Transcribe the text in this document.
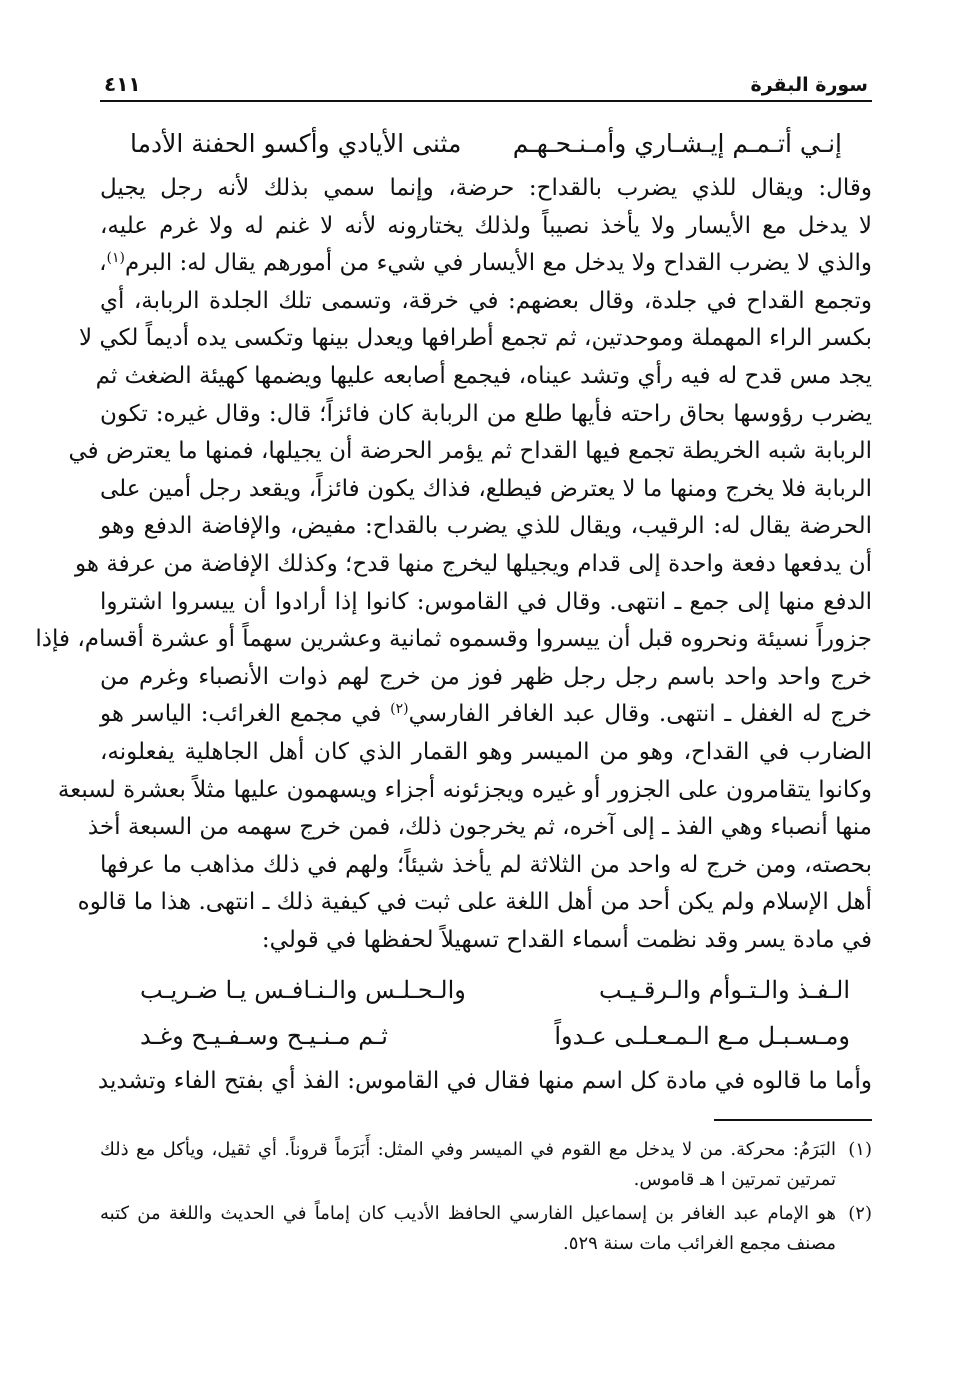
سورة البقرة
٤١١
إنـي أتـمـم إيـشـاري وأمـنـحـهـم
مثنى الأيادي وأكسو الحفنة الأدما
وقال: ويقال للذي يضرب بالقداح: حرضة، وإنما سمي بذلك لأنه رجل يجيل
لا يدخل مع الأيسار ولا يأخذ نصيباً ولذلك يختارونه لأنه لا غنم له ولا غرم عليه،
والذي لا يضرب القداح ولا يدخل مع الأيسار في شيء من أمورهم يقال له: البرم$^{(١)}$،
وتجمع القداح في جلدة، وقال بعضهم: في خرقة، وتسمى تلك الجلدة الربابة، أي
بكسر الراء المهملة وموحدتين، ثم تجمع أطرافها ويعدل بينها وتكسى يده أديماً لكي لا
يجد مس قدح له فيه رأي وتشد عيناه، فيجمع أصابعه عليها ويضمها كهيئة الضغث ثم
يضرب رؤوسها بحاق راحته فأيها طلع من الربابة كان فائزاً؛ قال: وقال غيره: تكون
الربابة شبه الخريطة تجمع فيها القداح ثم يؤمر الحرضة أن يجيلها، فمنها ما يعترض في
الربابة فلا يخرج ومنها ما لا يعترض فيطلع، فذاك يكون فائزاً، ويقعد رجل أمين على
الحرضة يقال له: الرقيب، ويقال للذي يضرب بالقداح: مفيض، والإفاضة الدفع وهو
أن يدفعها دفعة واحدة إلى قدام ويجيلها ليخرج منها قدح؛ وكذلك الإفاضة من عرفة هو
الدفع منها إلى جمع ـ انتهى. وقال في القاموس: كانوا إذا أرادوا أن ييسروا اشتروا
جزوراً نسيئة ونحروه قبل أن ييسروا وقسموه ثمانية وعشرين سهماً أو عشرة أقسام، فإذا
خرج واحد واحد باسم رجل رجل ظهر فوز من خرج لهم ذوات الأنصباء وغرم من
خرج له الغفل ـ انتهى. وقال عبد الغافر الفارسي$^{(٢)}$ في مجمع الغرائب: الياسر هو
الضارب في القداح، وهو من الميسر وهو القمار الذي كان أهل الجاهلية يفعلونه،
وكانوا يتقامرون على الجزور أو غيره ويجزئونه أجزاء ويسهمون عليها مثلاً بعشرة لسبعة
منها أنصباء وهي الفذ ـ إلى آخره، ثم يخرجون ذلك، فمن خرج سهمه من السبعة أخذ
بحصته، ومن خرج له واحد من الثلاثة لم يأخذ شيئاً؛ ولهم في ذلك مذاهب ما عرفها
أهل الإسلام ولم يكن أحد من أهل اللغة على ثبت في كيفية ذلك ـ انتهى. هذا ما قالوه
في مادة يسر وقد نظمت أسماء القداح تسهيلاً لحفظها في قولي:
الـفـذ والـتـوأم والـرقـيـب
والـحـلـس والـنـافـس يـا ضـريـب
ومـسـبـل مـع الـمـعـلـى عـدواً
ثـم مـنـيـح وسـفـيـح وغـد
وأما ما قالوه في مادة كل اسم منها فقال في القاموس: الفذ أي بفتح الفاء وتشديد
(١)
البَرَمُ: محركة. من لا يدخل مع القوم في الميسر وفي المثل: أَبَرَماً قروناً. أي ثقيل، ويأكل مع ذلك
تمرتين تمرتين ا هـ قاموس.
(٢)
هو الإمام عبد الغافر بن إسماعيل الفارسي الحافظ الأديب كان إماماً في الحديث واللغة من كتبه
مصنف مجمع الغرائب مات سنة ٥٢٩.
